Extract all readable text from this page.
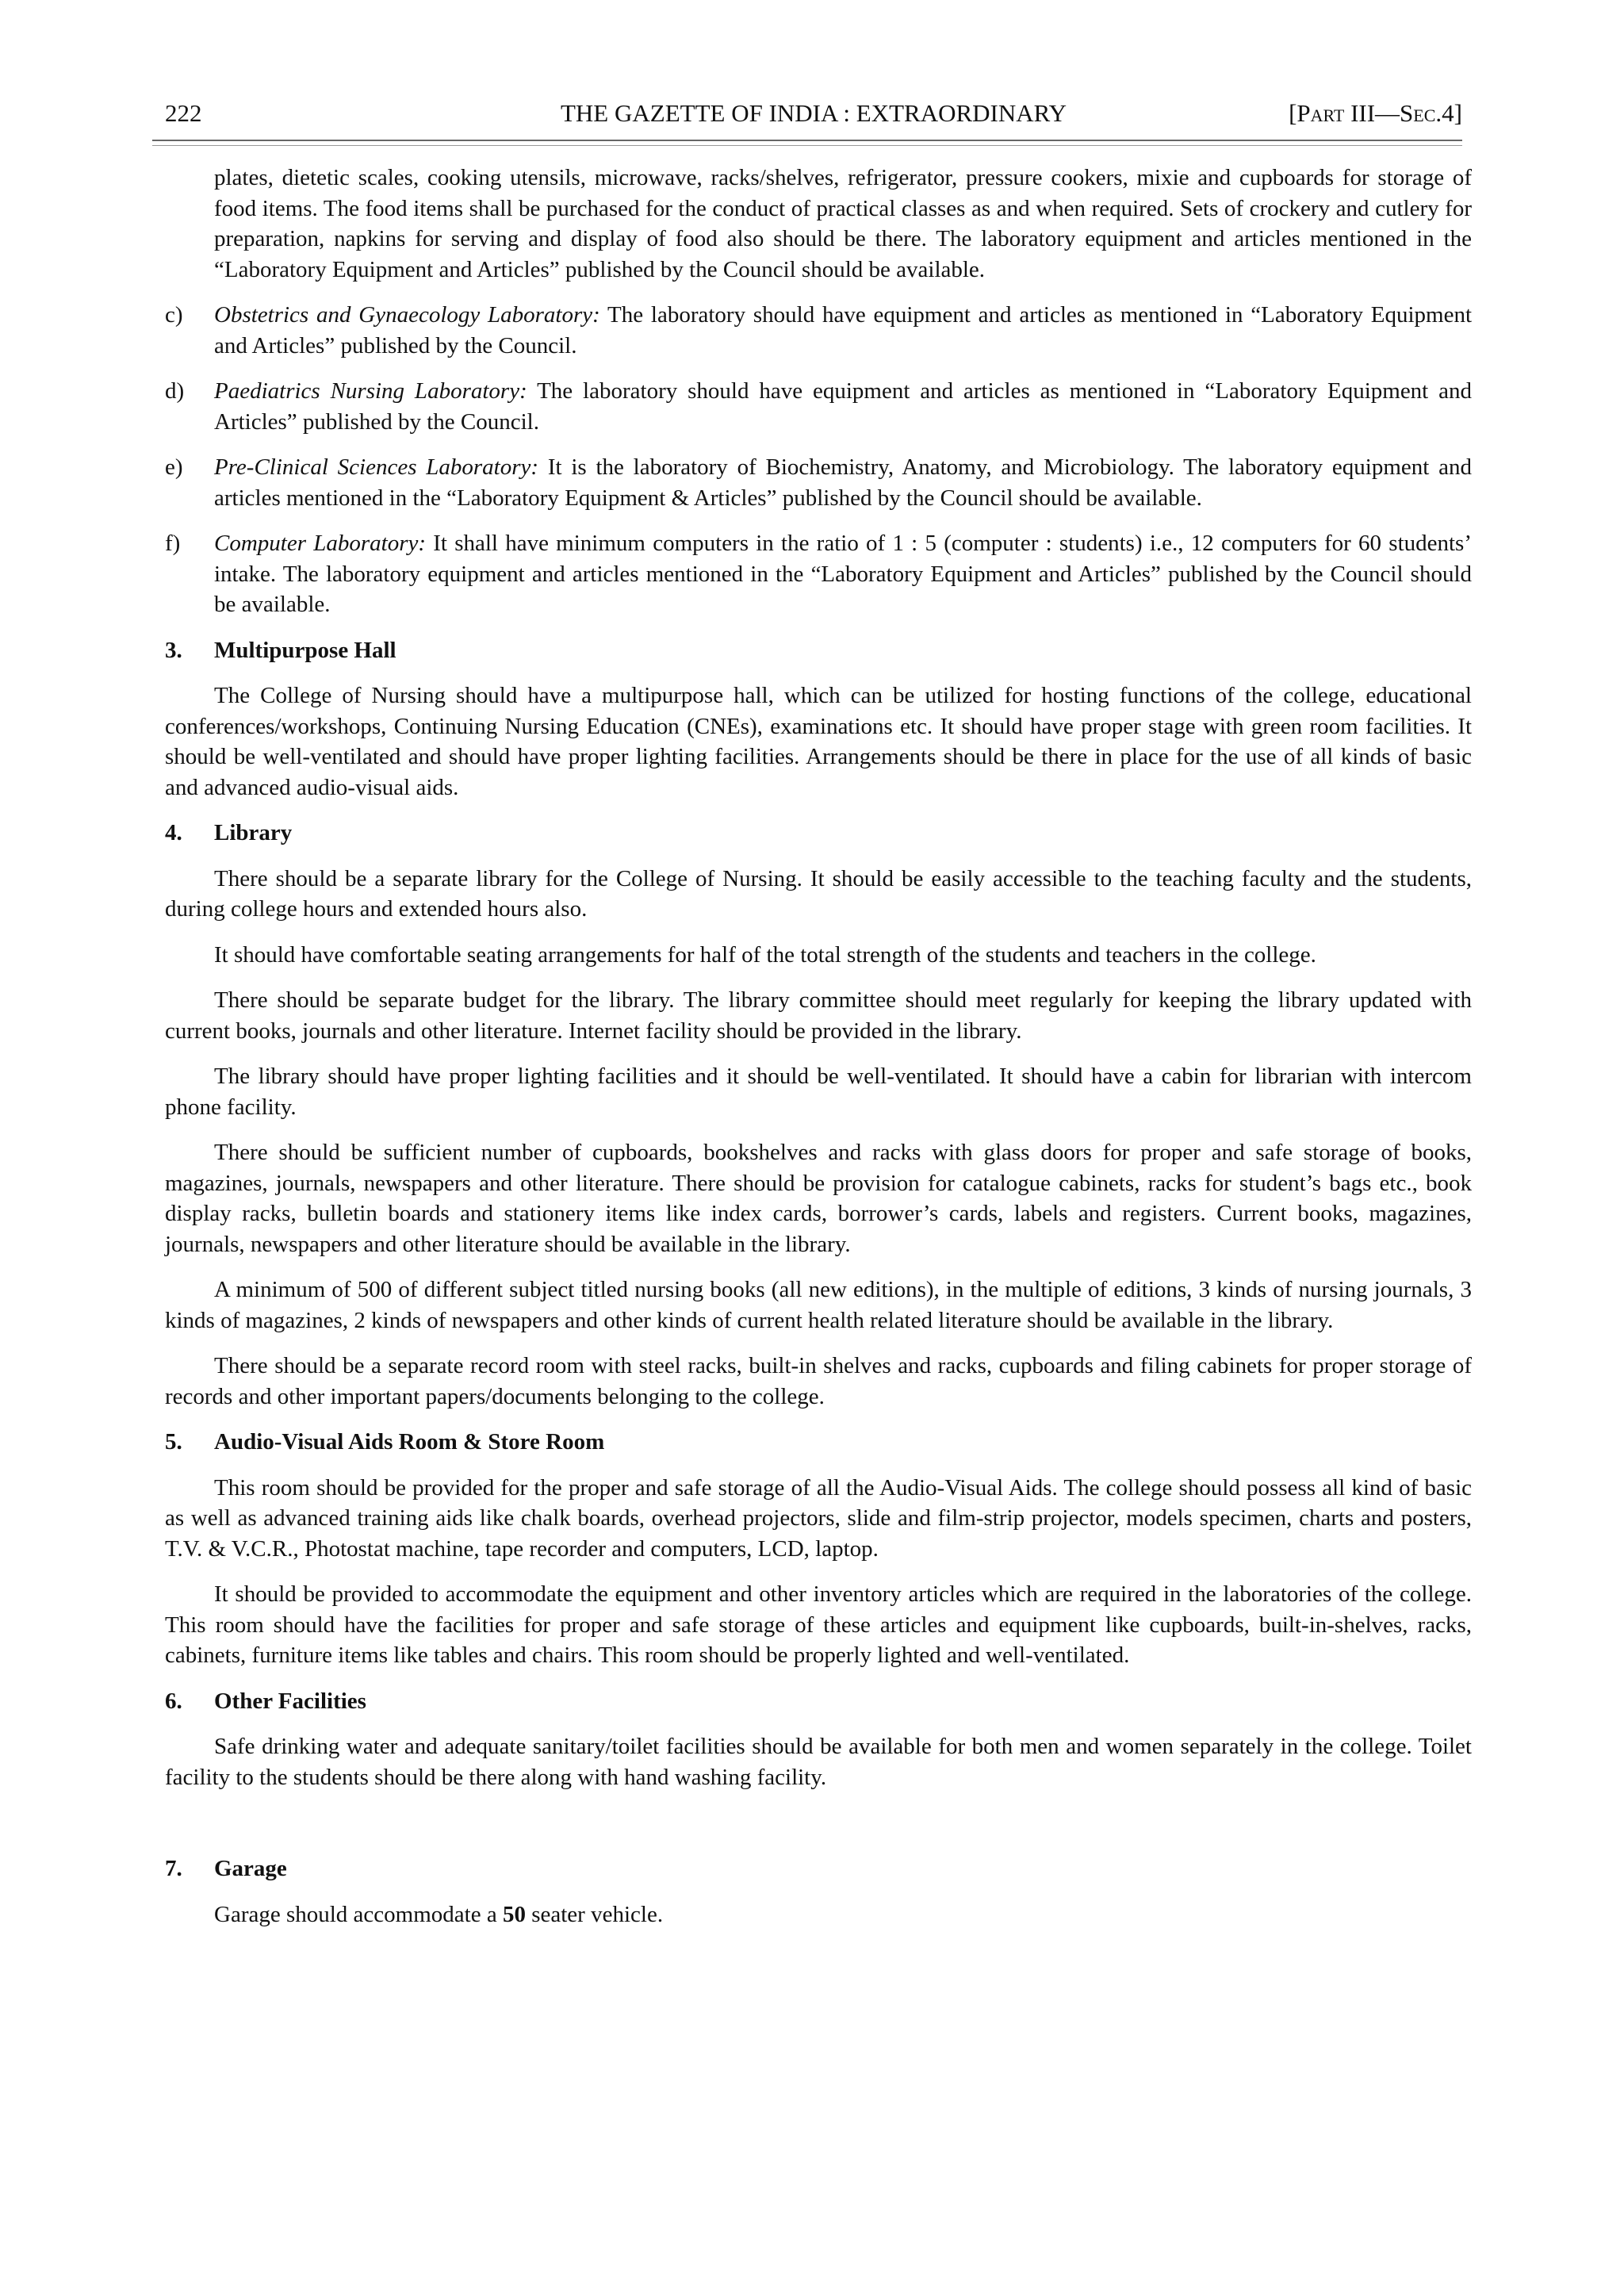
222	THE GAZETTE OF INDIA : EXTRAORDINARY	[Part III—Sec.4]

plates, dietetic scales, cooking utensils, microwave, racks/shelves, refrigerator, pressure cookers, mixie and cupboards for storage of food items. The food items shall be purchased for the conduct of practical classes as and when required. Sets of crockery and cutlery for preparation, napkins for serving and display of food also should be there. The laboratory equipment and articles mentioned in the “Laboratory Equipment and Articles” published by the Council should be available.

c) Obstetrics and Gynaecology Laboratory: The laboratory should have equipment and articles as mentioned in “Laboratory Equipment and Articles” published by the Council.

d) Paediatrics Nursing Laboratory: The laboratory should have equipment and articles as mentioned in “Laboratory Equipment and Articles” published by the Council.

e) Pre-Clinical Sciences Laboratory: It is the laboratory of Biochemistry, Anatomy, and Microbiology. The laboratory equipment and articles mentioned in the “Laboratory Equipment & Articles” published by the Council should be available.

f) Computer Laboratory: It shall have minimum computers in the ratio of 1 : 5 (computer : students) i.e., 12 computers for 60 students’ intake. The laboratory equipment and articles mentioned in the “Laboratory Equipment and Articles” published by the Council should be available.

3. Multipurpose Hall

The College of Nursing should have a multipurpose hall, which can be utilized for hosting functions of the college, educational conferences/workshops, Continuing Nursing Education (CNEs), examinations etc. It should have proper stage with green room facilities. It should be well-ventilated and should have proper lighting facilities. Arrangements should be there in place for the use of all kinds of basic and advanced audio-visual aids.

4. Library

There should be a separate library for the College of Nursing. It should be easily accessible to the teaching faculty and the students, during college hours and extended hours also.

It should have comfortable seating arrangements for half of the total strength of the students and teachers in the college.

There should be separate budget for the library. The library committee should meet regularly for keeping the library updated with current books, journals and other literature. Internet facility should be provided in the library.

The library should have proper lighting facilities and it should be well-ventilated. It should have a cabin for librarian with intercom phone facility.

There should be sufficient number of cupboards, bookshelves and racks with glass doors for proper and safe storage of books, magazines, journals, newspapers and other literature. There should be provision for catalogue cabinets, racks for student’s bags etc., book display racks, bulletin boards and stationery items like index cards, borrower’s cards, labels and registers. Current books, magazines, journals, newspapers and other literature should be available in the library.

A minimum of 500 of different subject titled nursing books (all new editions), in the multiple of editions, 3 kinds of nursing journals, 3 kinds of magazines, 2 kinds of newspapers and other kinds of current health related literature should be available in the library.

There should be a separate record room with steel racks, built-in shelves and racks, cupboards and filing cabinets for proper storage of records and other important papers/documents belonging to the college.

5. Audio-Visual Aids Room & Store Room

This room should be provided for the proper and safe storage of all the Audio-Visual Aids. The college should possess all kind of basic as well as advanced training aids like chalk boards, overhead projectors, slide and film-strip projector, models specimen, charts and posters, T.V. & V.C.R., Photostat machine, tape recorder and computers, LCD, laptop.

It should be provided to accommodate the equipment and other inventory articles which are required in the laboratories of the college. This room should have the facilities for proper and safe storage of these articles and equipment like cupboards, built-in-shelves, racks, cabinets, furniture items like tables and chairs. This room should be properly lighted and well-ventilated.

6. Other Facilities

Safe drinking water and adequate sanitary/toilet facilities should be available for both men and women separately in the college. Toilet facility to the students should be there along with hand washing facility.

7. Garage

Garage should accommodate a 50 seater vehicle.
